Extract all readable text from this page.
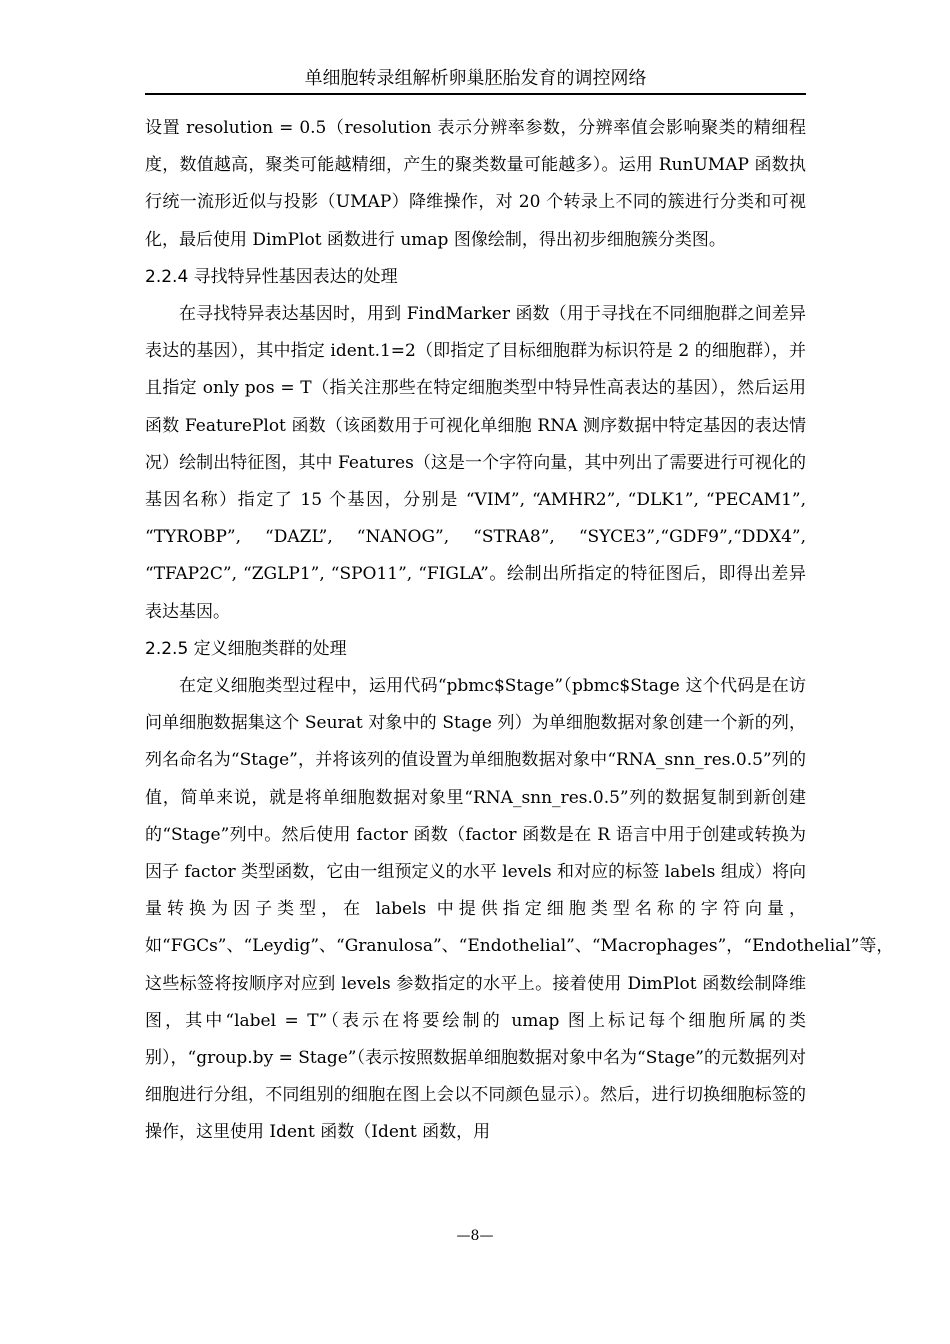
单细胞转录组解析卵巢胚胎发育的调控网络

设置 resolution = 0.5（resolution 表示分辨率参数，分辨率值会影响聚类的精细程度，数值越高，聚类可能越精细，产生的聚类数量可能越多）。运用 RunUMAP 函数执行统一流形近似与投影（UMAP）降维操作，对 20 个转录上不同的簇进行分类和可视化，最后使用 DimPlot 函数进行 umap 图像绘制，得出初步细胞簇分类图。

2.2.4 寻找特异性基因表达的处理

在寻找特异表达基因时，用到 FindMarker 函数（用于寻找在不同细胞群之间差异表达的基因），其中指定 ident.1=2（即指定了目标细胞群为标识符是 2 的细胞群），并且指定 only pos = T（指关注那些在特定细胞类型中特异性高表达的基因），然后运用函数 FeaturePlot 函数（该函数用于可视化单细胞 RNA 测序数据中特定基因的表达情况）绘制出特征图，其中 Features（这是一个字符向量，其中列出了需要进行可视化的基因名称）指定了 15 个基因，分别是 “VIM”, “AMHR2”, “DLK1”, “PECAM1”, “TYROBP”, “DAZL”, “NANOG”, “STRA8”, “SYCE3”,“GDF9”,“DDX4”, “TFAP2C”, “ZGLP1”, “SPO11”, “FIGLA”。绘制出所指定的特征图后，即得出差异表达基因。

2.2.5 定义细胞类群的处理

在定义细胞类型过程中，运用代码“pbmc$Stage”（pbmc$Stage 这个代码是在访问单细胞数据集这个 Seurat 对象中的 Stage 列）为单细胞数据对象创建一个新的列，列名命名为“Stage”，并将该列的值设置为单细胞数据对象中“RNA_snn_res.0.5”列的值，简单来说，就是将单细胞数据对象里“RNA_snn_res.0.5”列的数据复制到新创建的“Stage”列中。然后使用 factor 函数（factor 函数是在 R 语言中用于创建或转换为因子 factor 类型函数，它由一组预定义的水平 levels 和对应的标签 labels 组成）将向量转换为因子类型，在 labels 中提供指定细胞类型名称的字符向量，如“FGCs”、“Leydig”、“Granulosa”、“Endothelial”、“Macrophages”，“Endothelial”等，这些标签将按顺序对应到 levels 参数指定的水平上。接着使用 DimPlot 函数绘制降维图，其中“label = T”（表示在将要绘制的 umap 图上标记每个细胞所属的类别），“group.by = Stage”（表示按照数据单细胞数据对象中名为“Stage”的元数据列对细胞进行分组，不同组别的细胞在图上会以不同颜色显示）。然后，进行切换细胞标签的操作，这里使用 Ident 函数（Ident 函数，用

—8—
